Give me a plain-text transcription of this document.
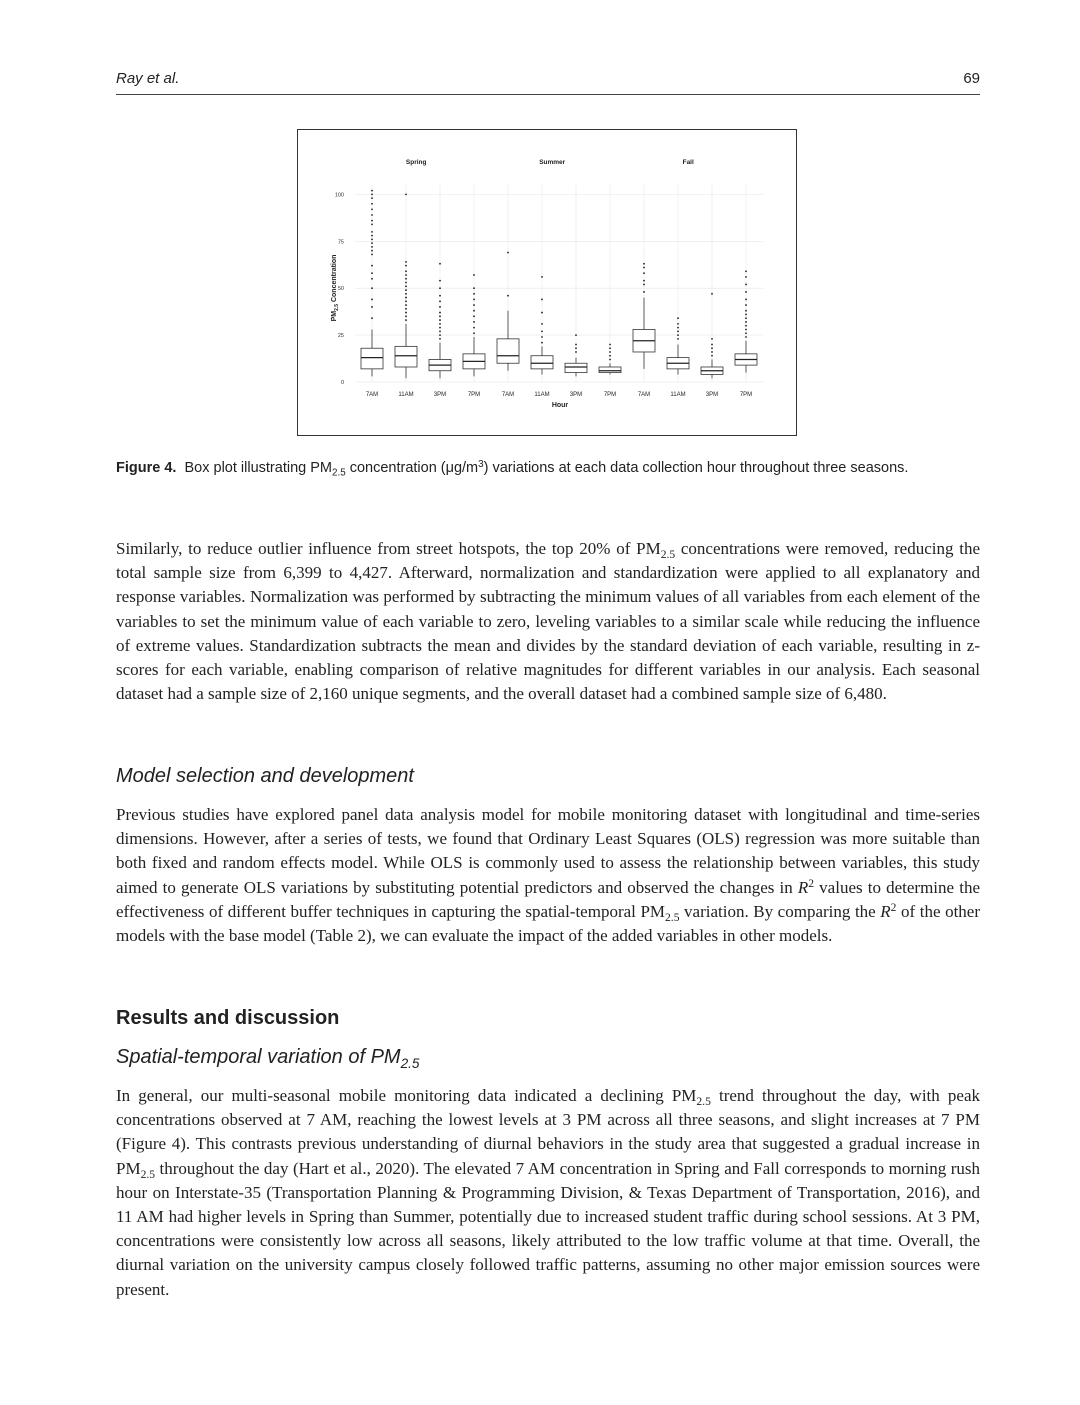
Ray et al.	69
Spring	Summer	Fall
0
25
50
75
100
7AM	11AM	3PM	7PM	7AM	11AM	3PM	7PM	7AM	11AM	3PM	7PM
$PM_{2.5}$ Concentration
Hour
Figure 4. Box plot illustrating $PM_{2.5}$ concentration $(\mu g/m^3)$ variations at each data collection hour throughout three seasons.

Similarly, to reduce outlier influence from street hotspots, the top 20% of $PM_{2.5}$ concentrations were removed, reducing the total sample size from 6,399 to 4,427. Afterward, normalization and standardization were applied to all explanatory and response variables. Normalization was performed by subtracting the minimum values of all variables from each element of the variables to set the minimum value of each variable to zero, leveling variables to a similar scale while reducing the influence of extreme values. Standardization subtracts the mean and divides by the standard deviation of each variable, resulting in z-scores for each variable, enabling comparison of relative magnitudes for different variables in our analysis. Each seasonal dataset had a sample size of 2,160 unique segments, and the overall dataset had a combined sample size of 6,480.

Model selection and development

Previous studies have explored panel data analysis model for mobile monitoring dataset with longitudinal and time-series dimensions. However, after a series of tests, we found that Ordinary Least Squares (OLS) regression was more suitable than both fixed and random effects model. While OLS is commonly used to assess the relationship between variables, this study aimed to generate OLS variations by substituting potential predictors and observed the changes in $R^2$ values to determine the effectiveness of different buffer techniques in capturing the spatial-temporal $PM_{2.5}$ variation. By comparing the $R^2$ of the other models with the base model (Table 2), we can evaluate the impact of the added variables in other models.

Results and discussion
Spatial-temporal variation of $PM_{2.5}$

In general, our multi-seasonal mobile monitoring data indicated a declining $PM_{2.5}$ trend throughout the day, with peak concentrations observed at 7 AM, reaching the lowest levels at 3 PM across all three seasons, and slight increases at 7 PM (Figure 4). This contrasts previous understanding of diurnal behaviors in the study area that suggested a gradual increase in $PM_{2.5}$ throughout the day (Hart et al., 2020). The elevated 7 AM concentration in Spring and Fall corresponds to morning rush hour on Interstate-35 (Transportation Planning & Programming Division, & Texas Department of Transportation, 2016), and 11 AM had higher levels in Spring than Summer, potentially due to increased student traffic during school sessions. At 3 PM, concentrations were consistently low across all seasons, likely attributed to the low traffic volume at that time. Overall, the diurnal variation on the university campus closely followed traffic patterns, assuming no other major emission sources were present.
